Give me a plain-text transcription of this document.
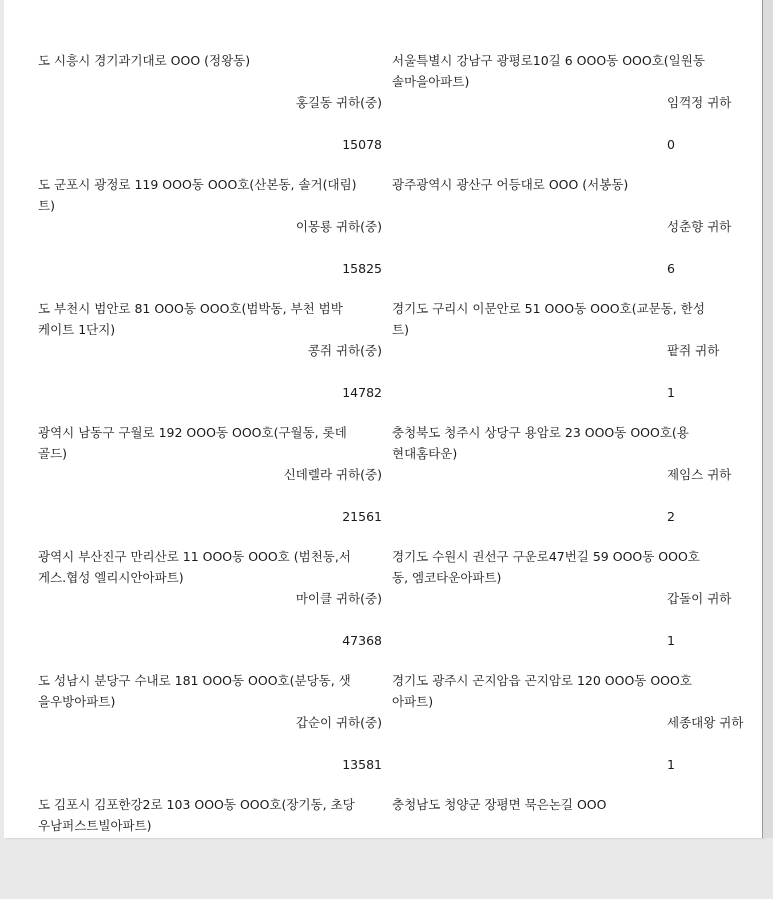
도 시흥시 경기과기대로 OOO (정왕동)

홍길동 귀하(중)
15078
서울특별시 강남구 광평로10길 6 OOO동 OOO호(일원동
솔마을아파트)
임꺽정 귀하
0
도 군포시 광정로 119 OOO동 OOO호(산본동, 솔거(대림)
트)
이몽룡 귀하(중)
15825
광주광역시 광산구 어등대로 OOO (서봉동)

성춘향 귀하
6
도 부천시 범안로 81 OOO동 OOO호(범박동, 부천 범박
케이트 1단지)
콩쥐 귀하(중)
14782
경기도 구리시 이문안로 51 OOO동 OOO호(교문동, 한성
트)
팥쥐 귀하
1
광역시 남동구 구월로 192 OOO동 OOO호(구월동, 롯데
골드)
신데렐라 귀하(중)
21561
충청북도 청주시 상당구 용암로 23 OOO동 OOO호(용
현대홈타운)
제임스 귀하
2
광역시 부산진구 만리산로 11 OOO동 OOO호 (범천동,서
게스.협성 엘리시안아파트)
마이클 귀하(중)
47368
경기도 수원시 권선구 구운로47번길 59 OOO동 OOO호
동, 엠코타운아파트)
갑돌이 귀하
1
도 성남시 분당구 수내로 181 OOO동 OOO호(분당동, 샛
을우방아파트)
갑순이 귀하(중)
13581
경기도 광주시 곤지암읍 곤지암로 120 OOO동 OOO호
아파트)
세종대왕 귀하
1
도 김포시 김포한강2로 103 OOO동 OOO호(장기동, 초당
우남퍼스트빌아파트)

충청남도 청양군 장평면 묵은논길 OOO
